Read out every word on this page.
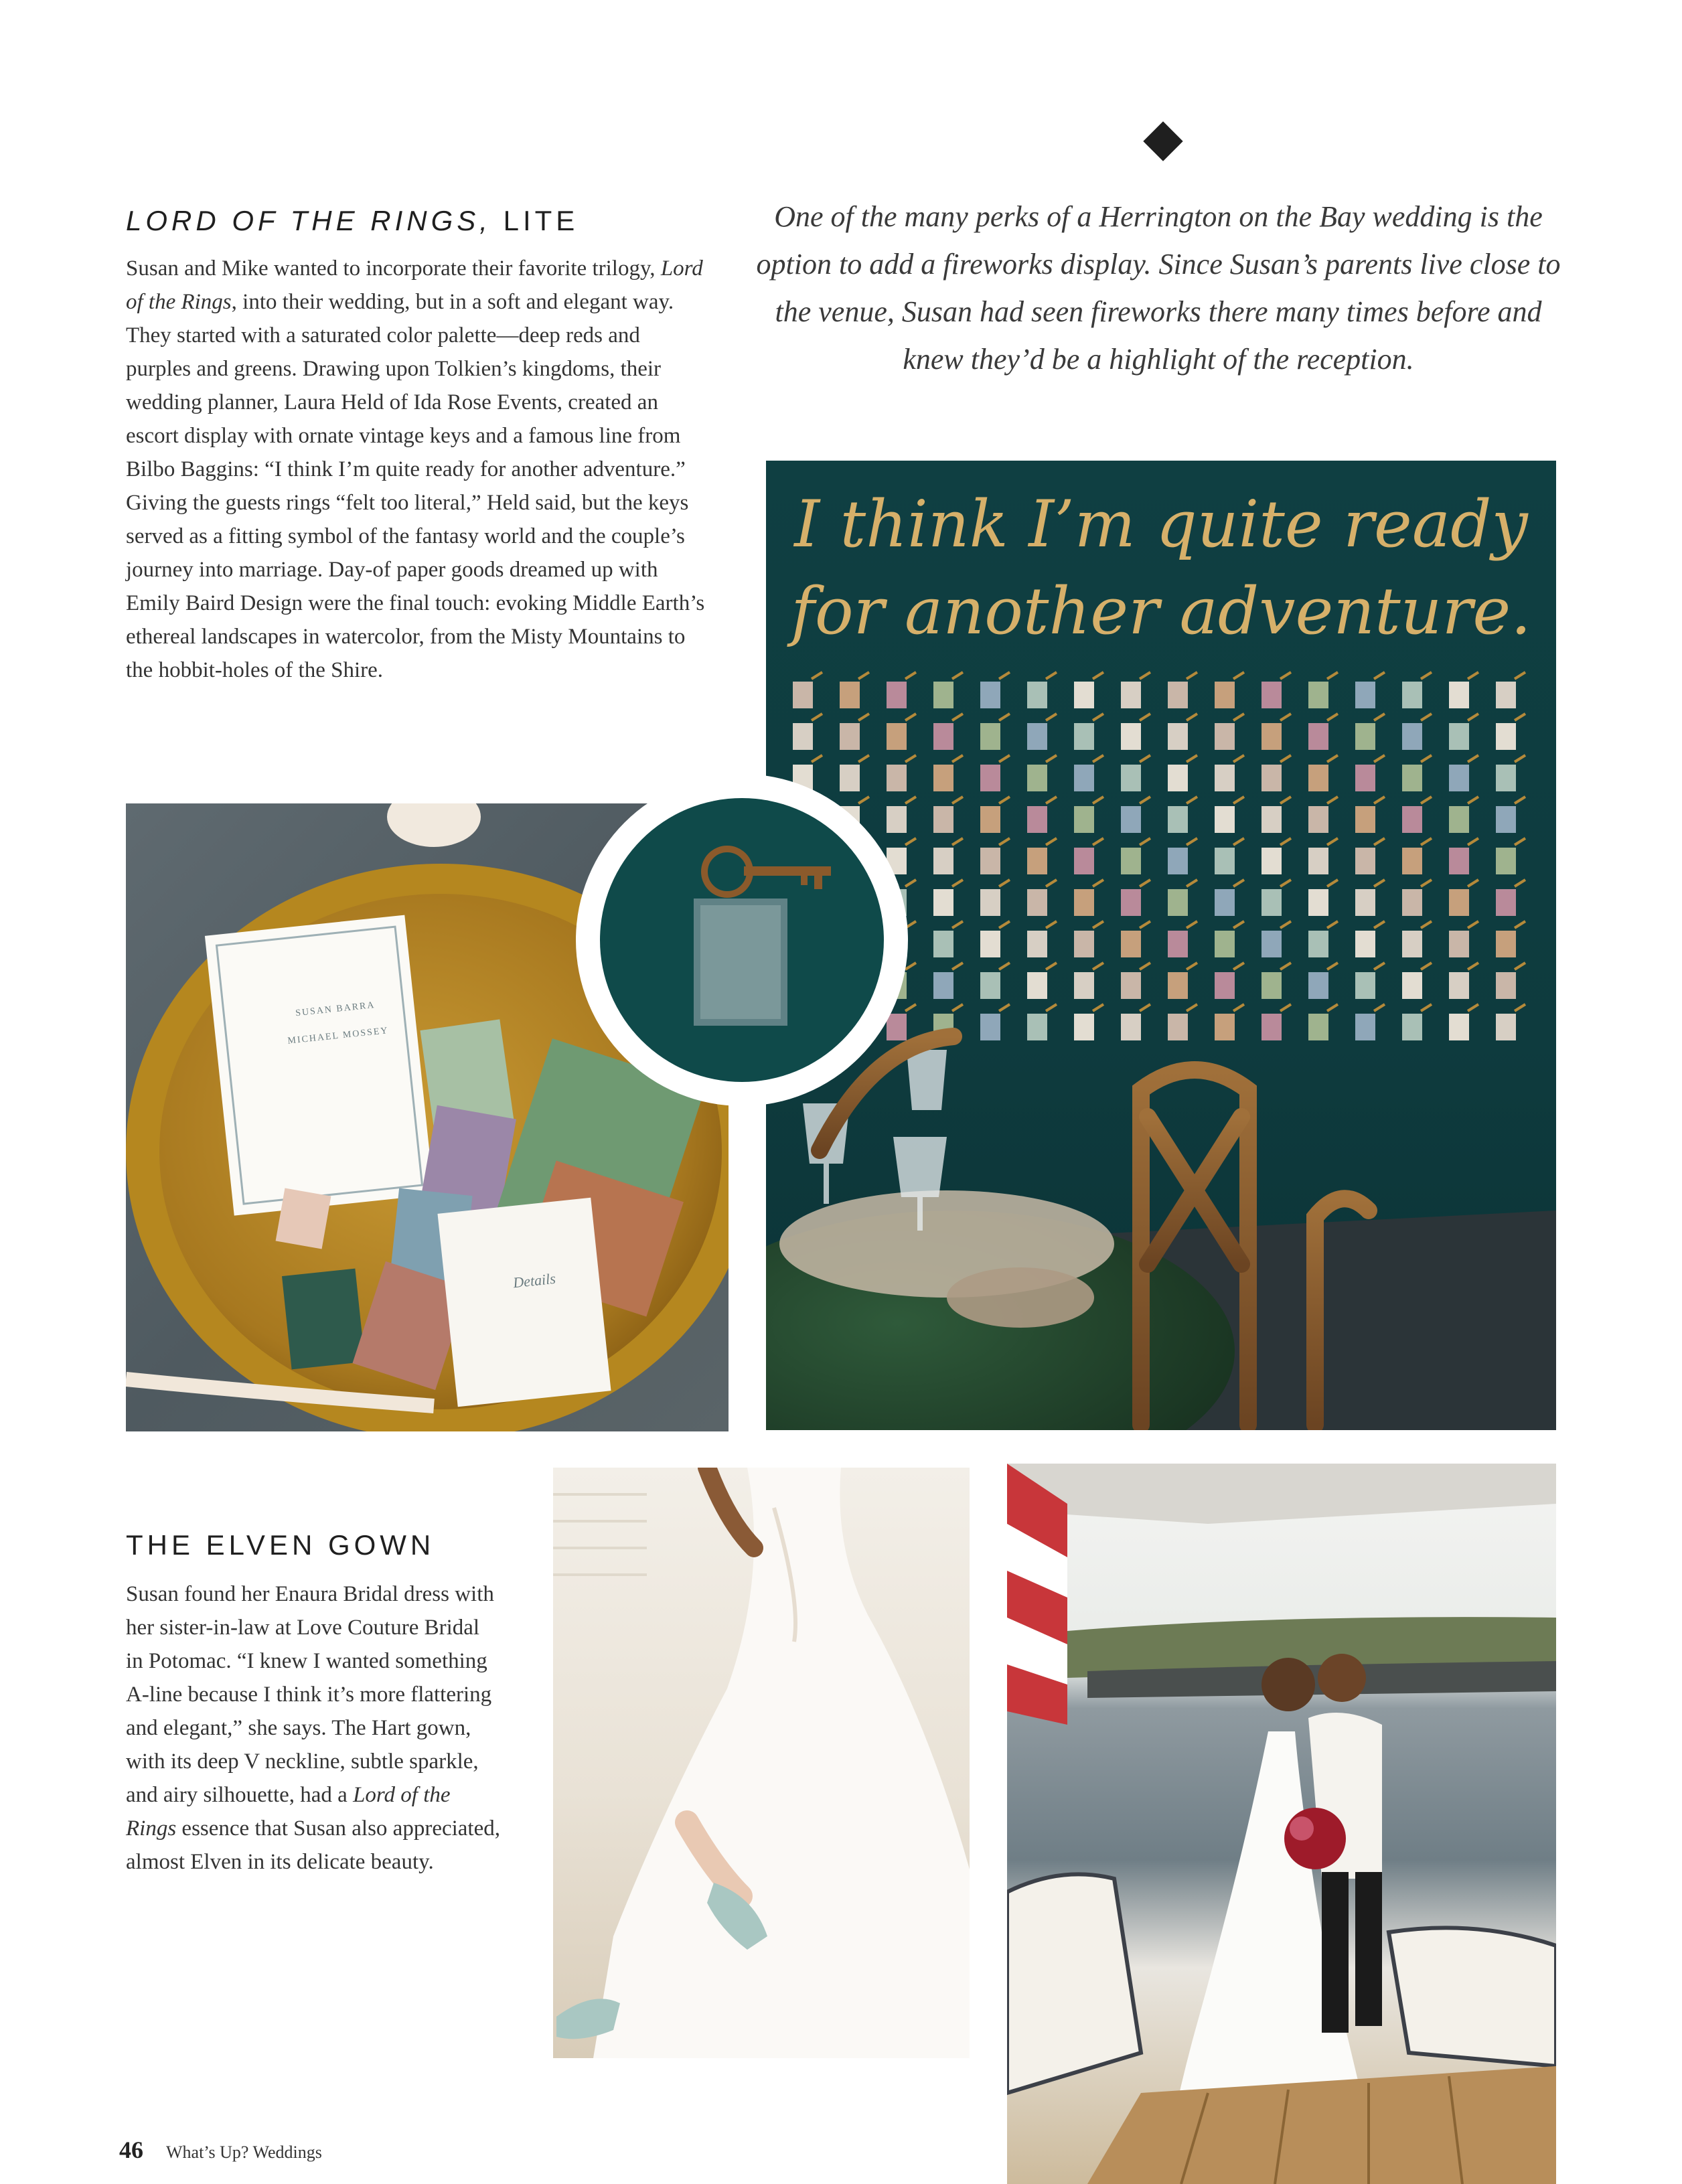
LORD OF THE RINGS, LITE
Susan and Mike wanted to incorporate their favorite trilogy, Lord of the Rings, into their wedding, but in a soft and elegant way. They started with a saturated color palette—deep reds and purples and greens. Drawing upon Tolkien’s kingdoms, their wedding planner, Laura Held of Ida Rose Events, created an escort display with ornate vintage keys and a famous line from Bilbo Baggins: “I think I’m quite ready for another adventure.” Giving the guests rings “felt too literal,” Held said, but the keys served as a fitting symbol of the fantasy world and the couple’s journey into marriage. Day-of paper goods dreamed up with Emily Baird Design were the final touch: evoking Middle Earth’s ethereal landscapes in watercolor, from the Misty Mountains to the hobbit-holes of the Shire.
One of the many perks of a Herrington on the Bay wedding is the option to add a fireworks display. Since Susan’s parents live close to the venue, Susan had seen fireworks there many times before and knew they’d be a highlight of the reception.
I think I’m quite ready
for another adventure.
SUSAN BARRA
MICHAEL MOSSEY
Details
THE ELVEN GOWN
Susan found her Enaura Bridal dress with her sister-in-law at Love Couture Bridal in Potomac. “I knew I wanted something A-line because I think it’s more flattering and elegant,” she says. The Hart gown, with its deep V neckline, subtle sparkle, and airy silhouette, had a Lord of the Rings essence that Susan also appreciated, almost Elven in its delicate beauty.
46 What’s Up? Weddings
